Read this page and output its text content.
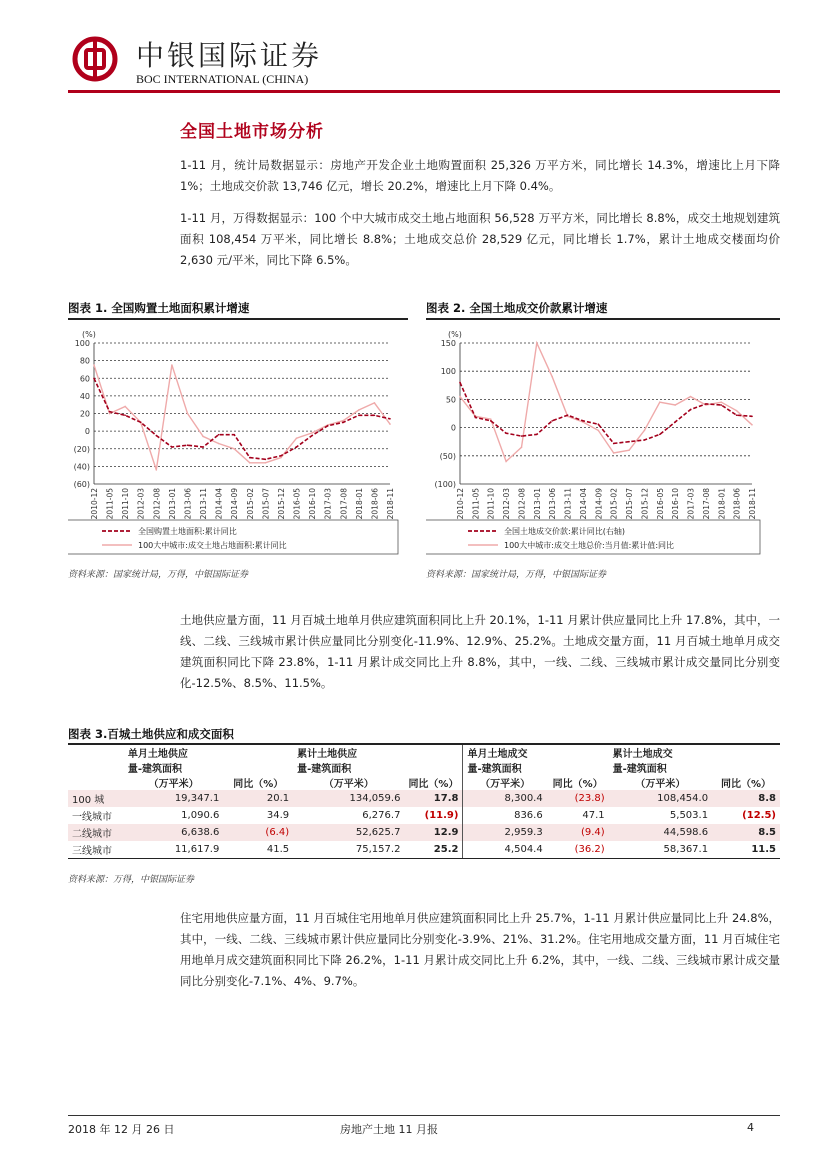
中银国际证券
BOC INTERNATIONAL (CHINA)
全国土地市场分析
1-11 月，统计局数据显示：房地产开发企业土地购置面积 25,326 万平方米，同比增长 14.3%，增速比上月下降 1%；土地成交价款 13,746 亿元，增长 20.2%，增速比上月下降 0.4%。
1-11 月，万得数据显示：100 个中大城市成交土地占地面积 56,528 万平方米，同比增长 8.8%，成交土地规划建筑面积 108,454 万平米，同比增长 8.8%；土地成交总价 28,529 亿元，同比增长 1.7%，累计土地成交楼面均价 2,630 元/平米，同比下降 6.5%。
图表 1. 全国购置土地面积累计增速
(%)
100
80
60
40
20
0
(20)
(40)
(60)
2010-12 2011-05 2011-10 2012-03 2012-08 2013-01 2013-06 2013-11 2014-04 2014-09 2015-02 2015-07 2015-12 2016-05 2016-10 2017-03 2017-08 2018-01 2018-06 2018-11
全国购置土地面积:累计同比
100大中城市:成交土地占地面积:累计同比
资料来源：国家统计局，万得，中银国际证券
图表 2. 全国土地成交价款累计增速
(%)
150
100
50
0
(50)
(100)
2010-12 2011-05 2011-10 2012-03 2012-08 2013-01 2013-06 2013-11 2014-04 2014-09 2015-02 2015-07 2015-12 2016-05 2016-10 2017-03 2017-08 2018-01 2018-06 2018-11
全国土地成交价款:累计同比(右轴)
100大中城市:成交土地总价:当月值:累计值:同比
资料来源：国家统计局，万得，中银国际证券
土地供应量方面，11 月百城土地单月供应建筑面积同比上升 20.1%，1-11 月累计供应量同比上升 17.8%，其中，一线、二线、三线城市累计供应量同比分别变化-11.9%、12.9%、25.2%。土地成交量方面，11 月百城土地单月成交建筑面积同比下降 23.8%，1-11 月累计成交同比上升 8.8%，其中，一线、二线、三线城市累计成交量同比分别变化-12.5%、8.5%、11.5%。
图表 3.百城土地供应和成交面积
	单月土地供应		累计土地供应		单月土地成交		累计土地成交	
	量-建筑面积		量-建筑面积		量-建筑面积		量-建筑面积	
	（万平米）	同比（%）	（万平米）	同比（%）	（万平米）	同比（%）	（万平米）	同比（%）
100 城	19,347.1	20.1	134,059.6	17.8	8,300.4	(23.8)	108,454.0	8.8
一线城市	1,090.6	34.9	6,276.7	(11.9)	836.6	47.1	5,503.1	(12.5)
二线城市	6,638.6	(6.4)	52,625.7	12.9	2,959.3	(9.4)	44,598.6	8.5
三线城市	11,617.9	41.5	75,157.2	25.2	4,504.4	(36.2)	58,367.1	11.5
资料来源：万得，中银国际证券
住宅用地供应量方面，11 月百城住宅用地单月供应建筑面积同比上升 25.7%，1-11 月累计供应量同比上升 24.8%，其中，一线、二线、三线城市累计供应量同比分别变化-3.9%、21%、31.2%。住宅用地成交量方面，11 月百城住宅用地单月成交建筑面积同比下降 26.2%，1-11 月累计成交同比上升 6.2%，其中，一线、二线、三线城市累计成交量同比分别变化-7.1%、4%、9.7%。
2018 年 12 月 26 日	房地产土地 11 月报	4
